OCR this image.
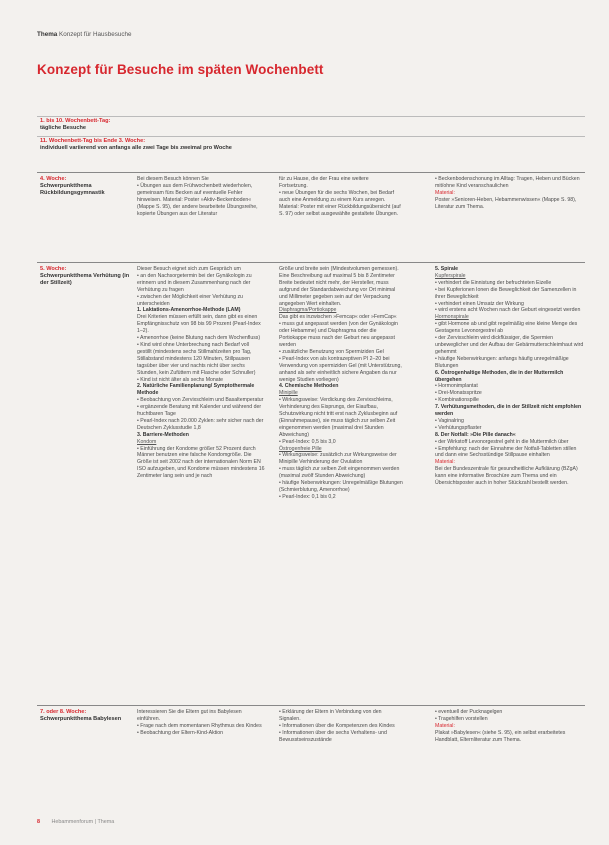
Thema Konzept für Hausbesuche
Konzept für Besuche im späten Wochenbett
1. bis 10. Wochenbett-Tag:
tägliche Besuche
11. Wochenbett-Tag bis Ende 3. Woche:
individuell variierend von anfangs alle zwei Tage bis zweimal pro Woche
4. Woche:
Schwerpunktthema Rückbildungsgymnastik

Bei diesem Besuch können Sie

• Übungen aus dem Frühwochenbett wiederholen, gemeinsam fürs Becken auf eventuelle Fehler hinweisen. Material: Poster »Aktiv-Beckenboden« (Mappe S. 95), der andere bearbeitete Übungsreihe, kopierte Übungen aus der Literatur

für zu Hause, die der Frau eine weitere

Fortsetzung.

• neue Übungen für die sechs Wochen, bei Bedarf auch eine Anmeldung zu einem Kurs anregen. Material: Poster mit einer Rückbildungsübersicht (auf S. 97) oder selbst ausgewählte gestaltete Übungen.

• Beckenbodenschonung im Alltag: Tragen, Heben und Bücken mit/ohne Kind veranschaulichen

Material:

Poster »Senioren-Heben, Hebammenwissen« (Mappe S. 98), Literatur zum Thema.

5. Woche:
Schwerpunktthema Verhütung (in der Stillzeit)

Dieser Besuch eignet sich zum Gespräch um

• an den Nachsorgetermin bei der Gynäkologin zu erinnern und in diesem Zusammenhang nach der Verhütung zu fragen

• zwischen der Möglichkeit einer Verhütung zu unterscheiden

1. Laktations-Amenorrhoe-Methode (LAM)

Drei Kriterien müssen erfüllt sein, dann gibt es einen Empfängnisschutz von 98 bis 99 Prozent (Pearl-Index 1–2).

• Amenorrhoe (keine Blutung nach dem Wochenfluss)

• Kind wird ohne Unterbrechung nach Bedarf voll gestillt (mindestens sechs Stillmahlzeiten pro Tag, Stillabstand mindestens 120 Minuten, Stillpausen tagsüber über vier und nachts nicht über sechs Stunden, kein Zufüttern mit Flasche oder Schnuller)

• Kind ist nicht älter als sechs Monate

2. Natürliche Familienplanung/ Symptothermale Methode

• Beobachtung von Zervixschleim und Basaltemperatur

• ergänzende Beratung mit Kalender und während der fruchtbaren Tage

• Pearl-Index nach 20.000 Zyklen: sehr sicher nach der Deutschen Zyklusstudie 1,8

3. Barriere-Methoden

Kondom

• Einführung der Kondome größer 52 Prozent durch Männer benutzen eine falsche Kondomgröße. Die Größe ist seit 2002 nach der internationalen Norm EN ISO aufzugeben, und Kondome müssen mindestens 16 Zentimeter lang sein und je nach

Größe und breite sein (Mindestvolumen gemessen). Eine Beschreibung auf maximal 5 bis 8 Zentimeter Breite bedeutet nicht mehr, der Hersteller, muss aufgrund der Standardabweichung vor Ort minimal und Millimeter gegeben sein auf der Verpackung angegeben Wert einhalten.

Diaphragma/Portiokappe

Das gibt es inzwischen »Femcap« oder »FemCap«

• muss gut angepasst werden (von der Gynäkologin oder Hebamme) und Diaphragma oder die Portiokappe muss nach der Geburt neu angepasst werden

• zusätzliche Benutzung von Spermiziden Gel

• Pearl-Index von als kontrazeptiven PI 2–20 bei Verwendung von spermiziden Gel (mit Unterstützung, anhand als sehr einheitlich sichere Angaben da nur wenige Studien vorliegen)

4. Chemische Methoden

Minipille

• Wirkungsweise: Verdickung des Zervixschleims, Verhinderung des Eisprungs, der Eiaufbau, Schutzwirkung nicht tritt erst nach Zyklusbeginn auf (Einnahmepause), sie muss täglich zur selben Zeit eingenommen werden (maximal drei Stunden Abweichung)

• Pearl-Index: 0,5 bis 3,0

Östrogenfreie Pille

• Wirkungsweise: zusätzlich zur Wirkungsweise der Minipille Verhinderung der Ovulation

• muss täglich zur selben Zeit eingenommen werden (maximal zwölf Stunden Abweichung)

• häufige Nebenwirkungen: Unregelmäßige Blutungen (Schmierblutung, Amenorrhoe)

• Pearl-Index: 0,1 bis 0,2

5. Spirale

Kupferspirale

• verhindert die Einnistung der befruchteten Eizelle

• bei Kupferionen Ionen die Beweglichkeit der Samenzellen in ihrer Beweglichkeit

• verhindert einen Umsatz der Wirkung

• wird erstens acht Wochen nach der Geburt eingesetzt werden

Hormonspirale

• gibt Hormone ab und gibt regelmäßig eine kleine Menge des Gestagens Levonorgestrel ab

• der Zervixschleim wird dickflüssiger, die Spermien unbeweglicher und der Aufbau der Gebärmutterschleimhaut wird gehemmt

• häufige Nebenwirkungen: anfangs häufig unregelmäßige Blutungen

6. Östrogenhaltige Methoden, die in der Muttermilch übergehen

• Hormonimplantat

• Drei-Monatsspritze

• Kombinationspille

7. Verhütungsmethoden, die in der Stillzeit nicht empfohlen werden

• Vaginalring

• Verhütungspflaster

8. Der Notfall: »Die Pille danach«

• der Wirkstoff Levonorgestrel geht in die Muttermilch über

• Empfehlung: nach der Einnahme der Notfall-Tabletten stillen und dann eine Sechsstündige Stillpause einhalten

Material:

Bei der Bundeszentrale für gesundheitliche Aufklärung (BZgA) kann eine informative Broschüre zum Thema und ein Übersichtsposter auch in hoher Stückzahl bestellt werden.

7. oder 8. Woche:
Schwerpunktthema Babylesen

Interessieren Sie die Eltern gut ins Babylesen einführen.

• Frage nach dem momentanen Rhythmus des Kindes

• Beobachtung der Eltern-Kind-Aktion

• Erklärung der Eltern in Verbindung von den Signalen.

• Informationen über die Kompetenzen des Kindes

• Informationen über die sechs Verhaltens- und Bewusstseinszustände

• eventuell der Pucknagelgen

• Tragehilfen vorstellen

Material:

Plakat »Babylesen« (siehe S. 95), ein selbst erarbeitetes Handblatt, Elternliteratur zum Thema.

8 Hebammenforum | Thema
